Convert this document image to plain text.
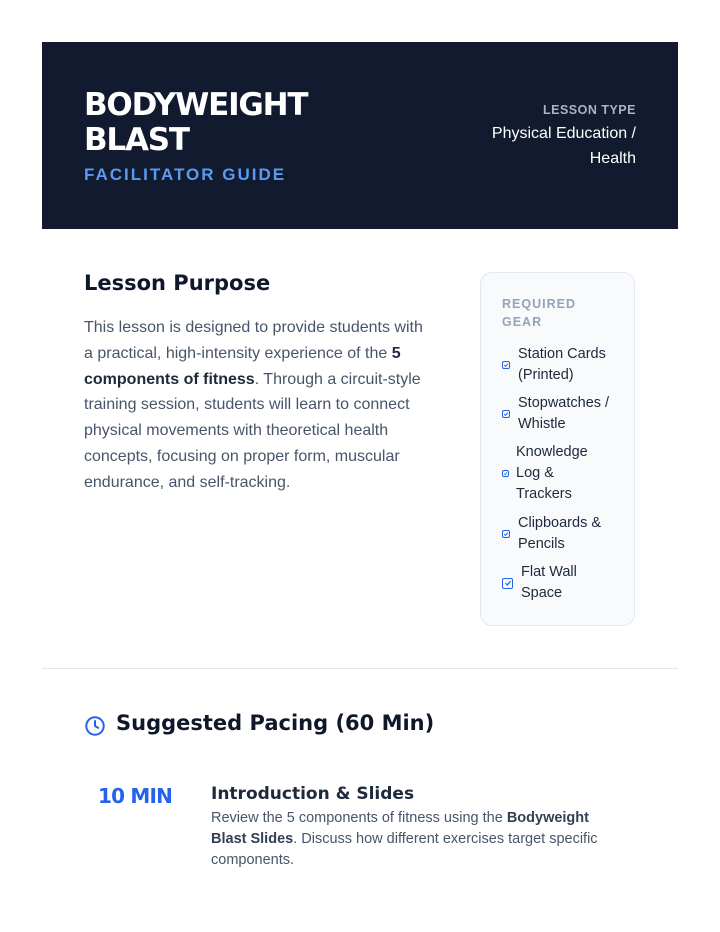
BODYWEIGHT BLAST
FACILITATOR GUIDE
LESSON TYPE
Physical Education / Health
Lesson Purpose
This lesson is designed to provide students with a practical, high-intensity experience of the 5 components of fitness. Through a circuit-style training session, students will learn to connect physical movements with theoretical health concepts, focusing on proper form, muscular endurance, and self-tracking.
REQUIRED GEAR
Station Cards (Printed)
Stopwatches / Whistle
Knowledge Log & Trackers
Clipboards & Pencils
Flat Wall Space
Suggested Pacing (60 Min)
10 MIN Introduction & Slides
Review the 5 components of fitness using the Bodyweight Blast Slides. Discuss how different exercises target specific components.
